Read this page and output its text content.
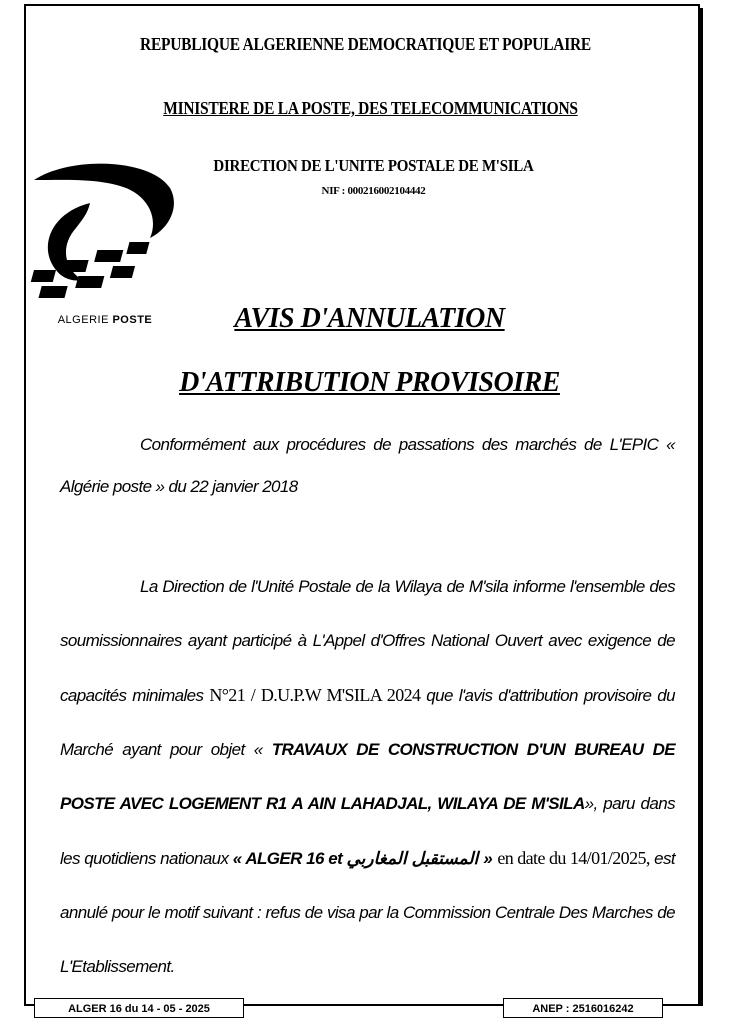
REPUBLIQUE ALGERIENNE DEMOCRATIQUE ET POPULAIRE
MINISTERE DE LA POSTE, DES TELECOMMUNICATIONS
DIRECTION DE L'UNITE POSTALE DE M'SILA
NIF : 000216002104442
ALGERIE POSTE	AVIS D'ANNULATION
D'ATTRIBUTION PROVISOIRE
Conformément aux procédures de passations des marchés de L'EPIC « Algérie poste » du 22 janvier 2018
La Direction de l'Unité Postale de la Wilaya de M'sila informe l'ensemble des soumissionnaires ayant participé à L'Appel d'Offres National Ouvert avec exigence de capacités minimales N°21 / D.U.P.W M'SILA 2024 que l'avis d'attribution provisoire du Marché ayant pour objet « TRAVAUX DE CONSTRUCTION D'UN BUREAU DE POSTE AVEC LOGEMENT R1 A AIN LAHADJAL, WILAYA DE M'SILA», paru dans les quotidiens nationaux « ALGER 16 et المستقبل المغاربي » en date du 14/01/2025, est annulé pour le motif suivant : refus de visa par la Commission Centrale Des Marches de L'Etablissement.
ALGER 16 du 14 - 05 - 2025	ANEP : 2516016242
